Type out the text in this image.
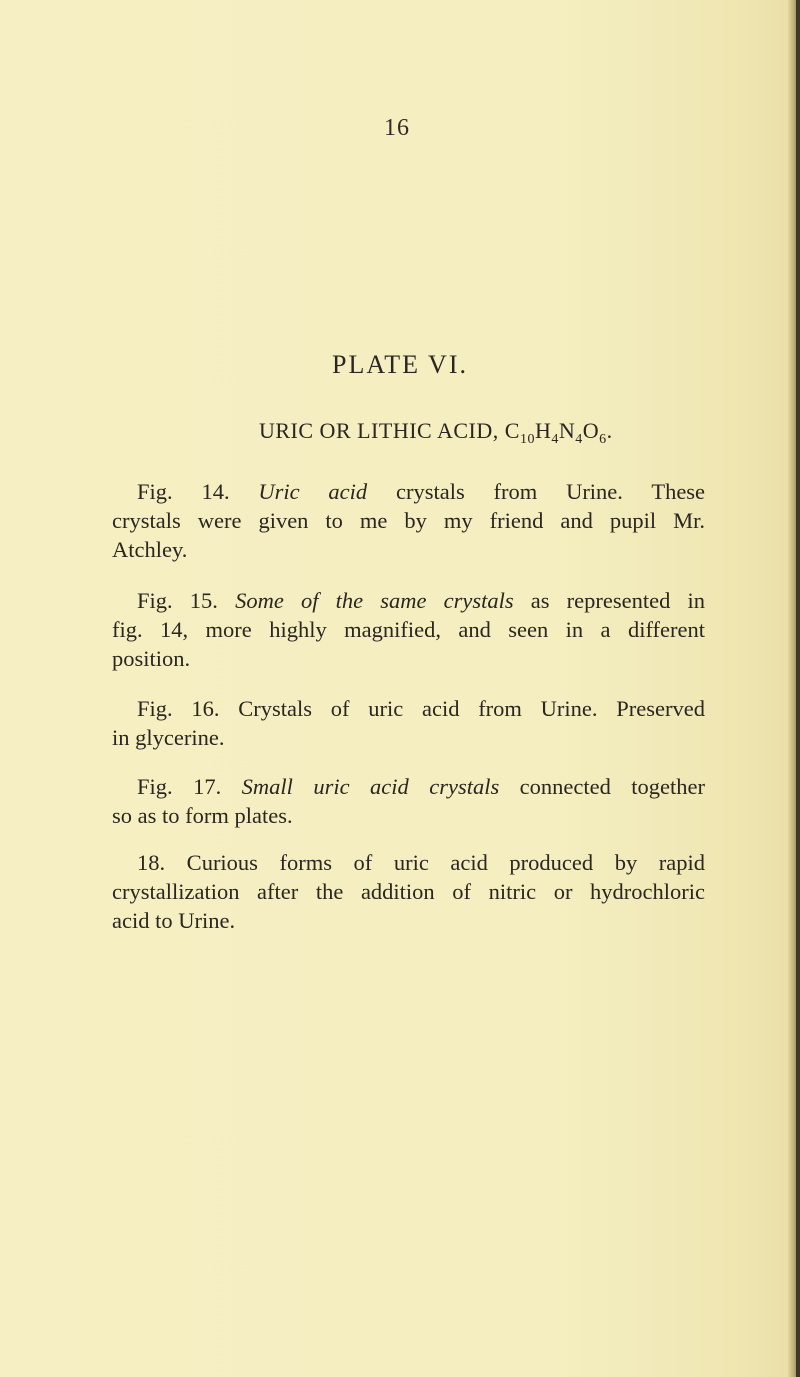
16
PLATE VI.
URIC OR LITHIC ACID, $C_{10}H_4N_4O_6$.

Fig. 14. Uric acid crystals from Urine. These
crystals were given to me by my friend and pupil Mr.
Atchley.

Fig. 15. Some of the same crystals as represented in
fig. 14, more highly magnified, and seen in a different
position.

Fig. 16. Crystals of uric acid from Urine. Preserved
in glycerine.

Fig. 17. Small uric acid crystals connected together
so as to form plates.

18. Curious forms of uric acid produced by rapid
crystallization after the addition of nitric or hydrochloric
acid to Urine.
